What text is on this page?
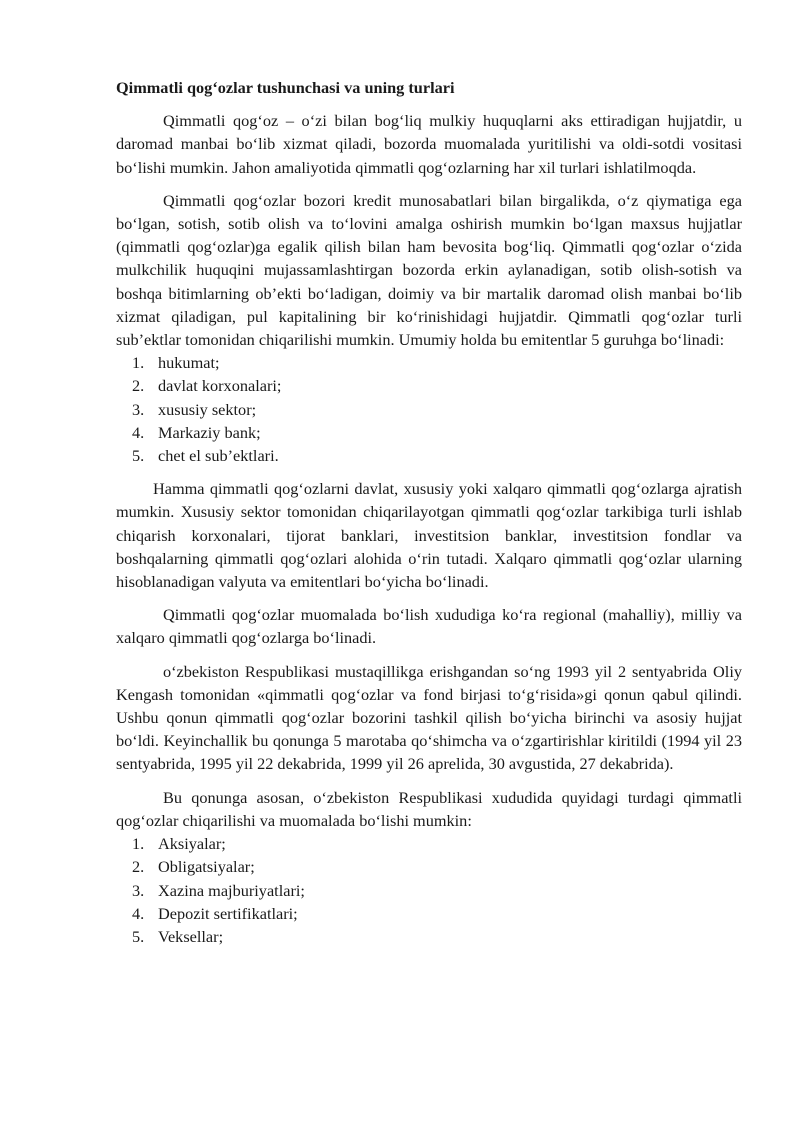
Qimmatli qog‘ozlar tushunchasi va uning turlari

Qimmatli qog‘oz – o‘zi bilan bog‘liq mulkiy huquqlarni aks ettiradigan hujjatdir, u daromad manbai bo‘lib xizmat qiladi, bozorda muomalada yuritilishi va oldi-sotdi vositasi bo‘lishi mumkin. Jahon amaliyotida qimmatli qog‘ozlarning har xil turlari ishlatilmoqda.

Qimmatli qog‘ozlar bozori kredit munosabatlari bilan birgalikda, o‘z qiymatiga ega bo‘lgan, sotish, sotib olish va to‘lovini amalga oshirish mumkin bo‘lgan maxsus hujjatlar (qimmatli qog‘ozlar)ga egalik qilish bilan ham bevosita bog‘liq. Qimmatli qog‘ozlar o‘zida mulkchilik huquqini mujassamlashtirgan bozorda erkin aylanadigan, sotib olish-sotish va boshqa bitimlarning ob’ekti bo‘ladigan, doimiy va bir martalik daromad olish manbai bo‘lib xizmat qiladigan, pul kapitalining bir ko‘rinishidagi hujjatdir. Qimmatli qog‘ozlar turli sub’ektlar tomonidan chiqarilishi mumkin. Umumiy holda bu emitentlar 5 guruhga bo‘linadi:

1. hukumat;
2. davlat korxonalari;
3. xususiy sektor;
4. Markaziy bank;
5. chet el sub’ektlari.

Hamma qimmatli qog‘ozlarni davlat, xususiy yoki xalqaro qimmatli qog‘ozlarga ajratish mumkin. Xususiy sektor tomonidan chiqarilayotgan qimmatli qog‘ozlar tarkibiga turli ishlab chiqarish korxonalari, tijorat banklari, investitsion banklar, investitsion fondlar va boshqalarning qimmatli qog‘ozlari alohida o‘rin tutadi. Xalqaro qimmatli qog‘ozlar ularning hisoblanadigan valyuta va emitentlari bo‘yicha bo‘linadi.

Qimmatli qog‘ozlar muomalada bo‘lish xududiga ko‘ra regional (mahalliy), milliy va xalqaro qimmatli qog‘ozlarga bo‘linadi.

o‘zbekiston Respublikasi mustaqillikga erishgandan so‘ng 1993 yil 2 sentyabrida Oliy Kengash tomonidan «qimmatli qog‘ozlar va fond birjasi to‘g‘risida»gi qonun qabul qilindi. Ushbu qonun qimmatli qog‘ozlar bozorini tashkil qilish bo‘yicha birinchi va asosiy hujjat bo‘ldi. Keyinchallik bu qonunga 5 marotaba qo‘shimcha va o‘zgartirishlar kiritildi (1994 yil 23 sentyabrida, 1995 yil 22 dekabrida, 1999 yil 26 aprelida, 30 avgustida, 27 dekabrida).

Bu qonunga asosan, o‘zbekiston Respublikasi xududida quyidagi turdagi qimmatli qog‘ozlar chiqarilishi va muomalada bo‘lishi mumkin:

1. Aksiyalar;
2. Obligatsiyalar;
3. Xazina majburiyatlari;
4. Depozit sertifikatlari;
5. Veksellar;
